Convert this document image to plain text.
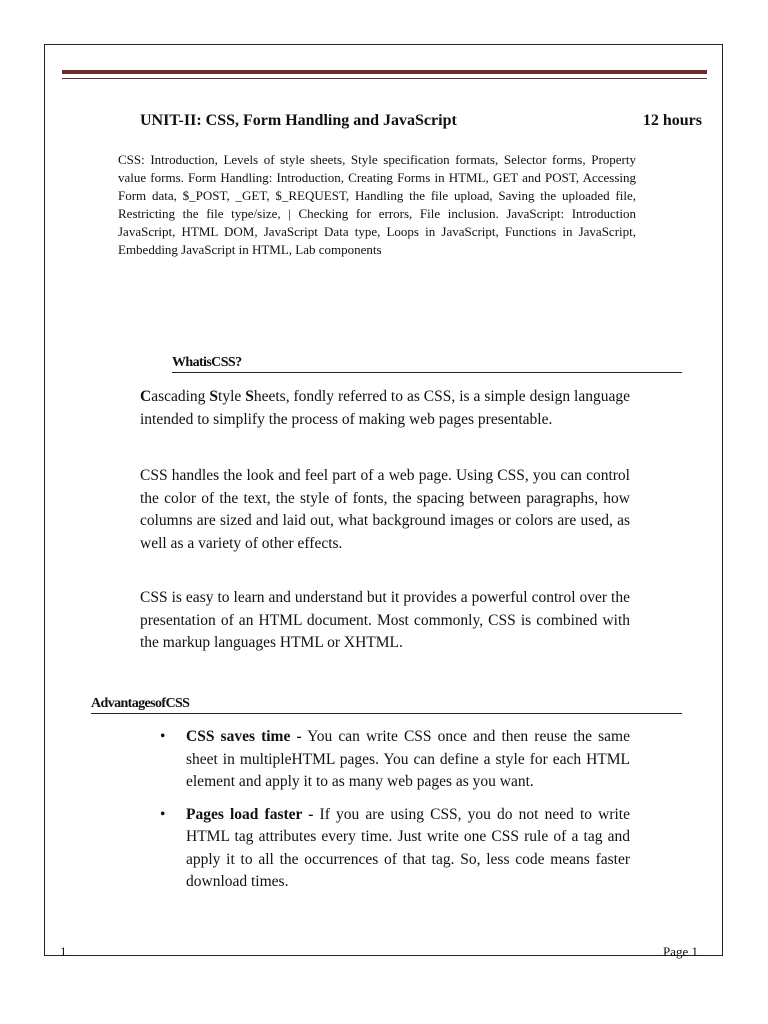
UNIT-II: CSS, Form Handling and JavaScript	12 hours

CSS: Introduction, Levels of style sheets, Style specification formats, Selector forms, Property value forms. Form Handling: Introduction, Creating Forms in HTML, GET and POST, Accessing Form data, $_POST, _GET, $_REQUEST, Handling the file upload, Saving the uploaded file, Restricting the file type/size, | Checking for errors, File inclusion. JavaScript: Introduction JavaScript, HTML DOM, JavaScript Data type, Loops in JavaScript, Functions in JavaScript, Embedding JavaScript in HTML, Lab components

WhatisCSS?

Cascading Style Sheets, fondly referred to as CSS, is a simple design language intended to simplify the process of making web pages presentable.

CSS handles the look and feel part of a web page. Using CSS, you can control the color of the text, the style of fonts, the spacing between paragraphs, how columns are sized and laid out, what background images or colors are used, as well as a variety of other effects.

CSS is easy to learn and understand but it provides a powerful control over the presentation of an HTML document. Most commonly, CSS is combined with the markup languages HTML or XHTML.

AdvantagesofCSS
• CSS saves time - You can write CSS once and then reuse the same sheet in multipleHTML pages. You can define a style for each HTML element and apply it to as many web pages as you want.
• Pages load faster - If you are using CSS, you do not need to write HTML tag attributes every time. Just write one CSS rule of a tag and apply it to all the occurrences of that tag. So, less code means faster download times.
1	Page 1
